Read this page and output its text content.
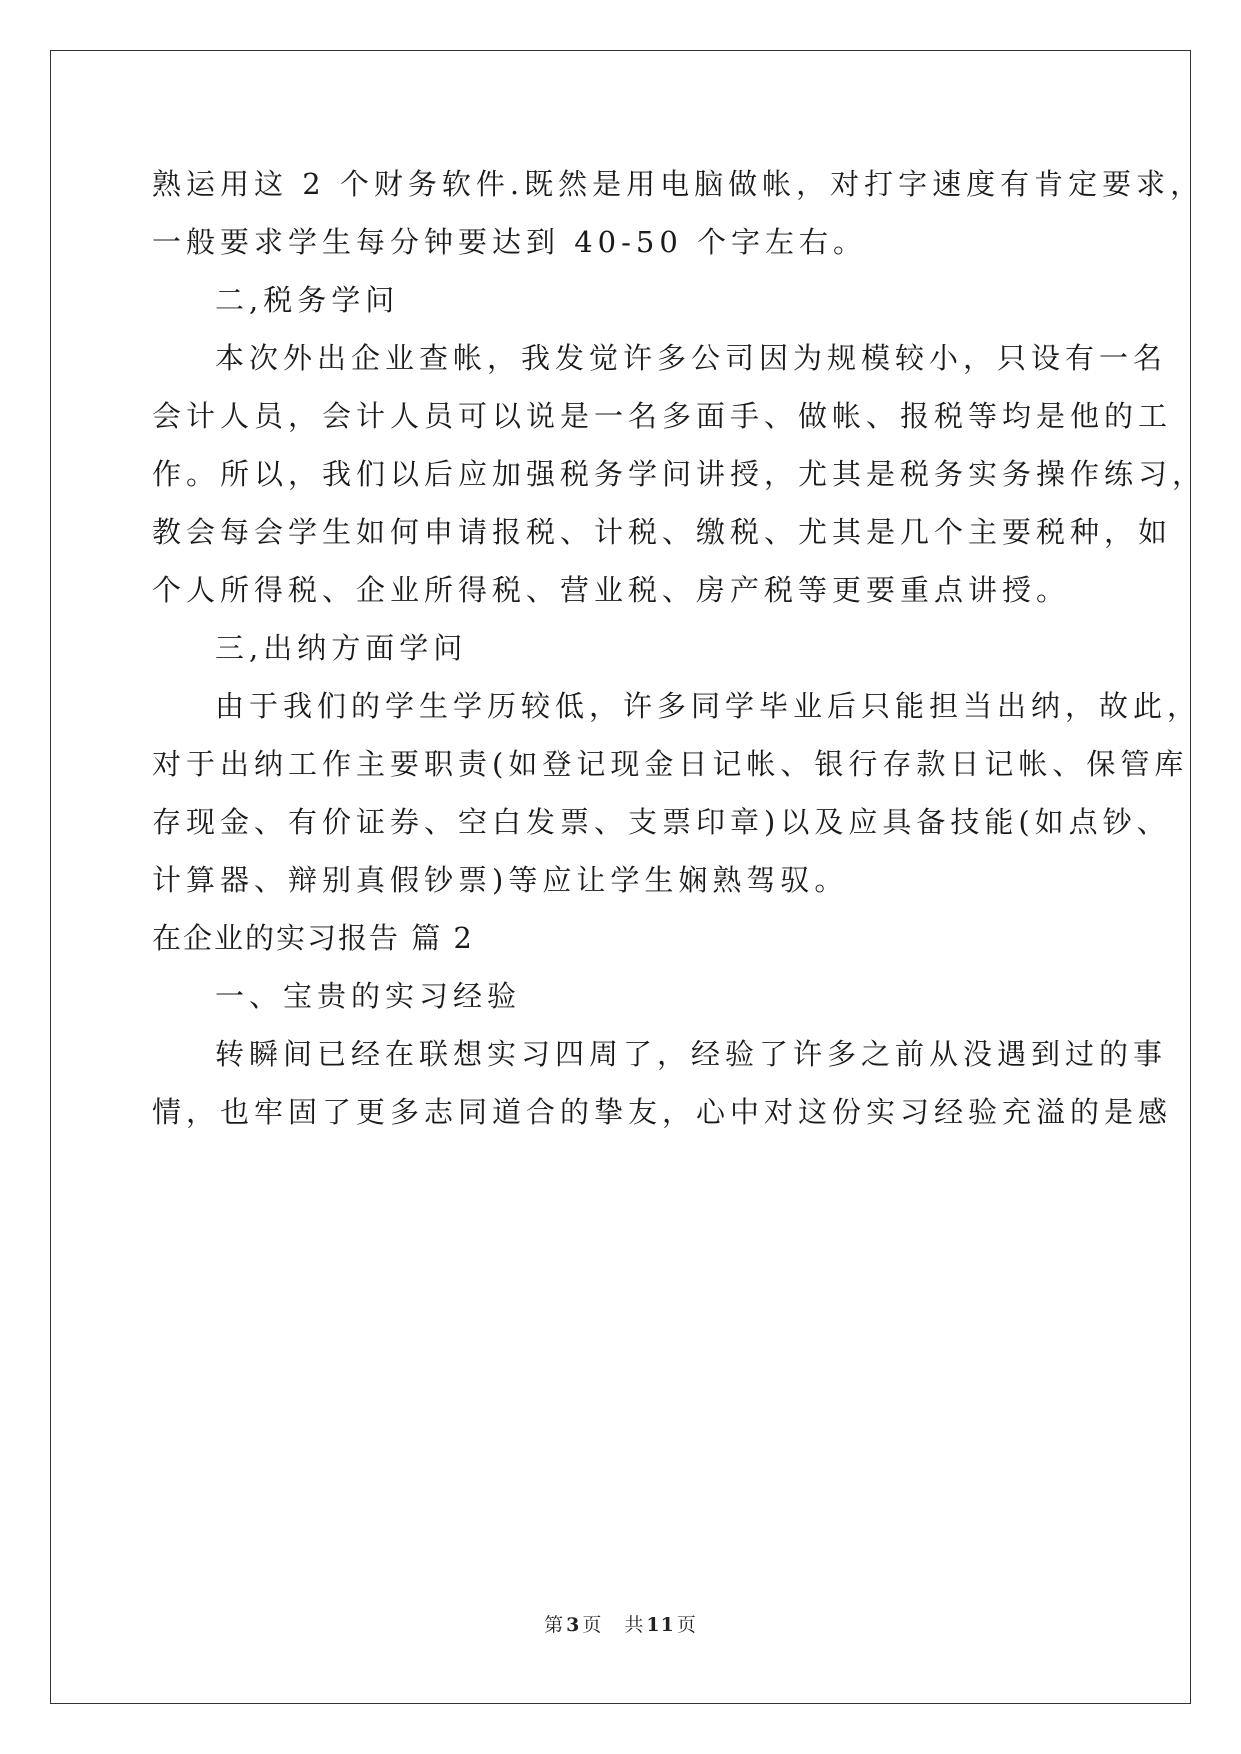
熟运用这 2 个财务软件.既然是用电脑做帐，对打字速度有肯定要求，
一般要求学生每分钟要达到 40-50 个字左右。
二,税务学问
本次外出企业查帐，我发觉许多公司因为规模较小，只设有一名
会计人员，会计人员可以说是一名多面手、做帐、报税等均是他的工
作。所以，我们以后应加强税务学问讲授，尤其是税务实务操作练习，
教会每会学生如何申请报税、计税、缴税、尤其是几个主要税种，如
个人所得税、企业所得税、营业税、房产税等更要重点讲授。
三,出纳方面学问
由于我们的学生学历较低，许多同学毕业后只能担当出纳，故此，
对于出纳工作主要职责(如登记现金日记帐、银行存款日记帐、保管库
存现金、有价证券、空白发票、支票印章)以及应具备技能(如点钞、
计算器、辩别真假钞票)等应让学生娴熟驾驭。
在企业的实习报告 篇 2
一、宝贵的实习经验
转瞬间已经在联想实习四周了，经验了许多之前从没遇到过的事
情，也牢固了更多志同道合的挚友，心中对这份实习经验充溢的是感
第 3 页 共 11 页
